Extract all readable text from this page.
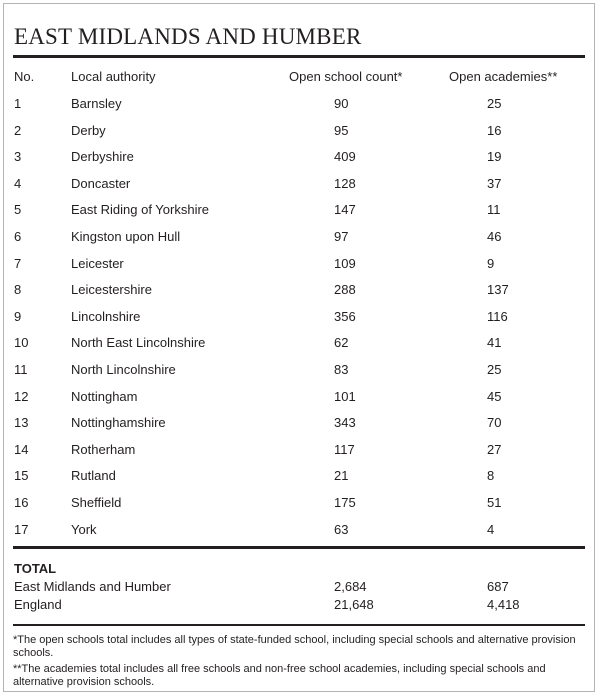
EAST MIDLANDS AND HUMBER
No.	Local authority	Open school count*	Open academies**
1	Barnsley	90	25
2	Derby	95	16
3	Derbyshire	409	19
4	Doncaster	128	37
5	East Riding of Yorkshire	147	11
6	Kingston upon Hull	97	46
7	Leicester	109	9
8	Leicestershire	288	137
9	Lincolnshire	356	116
10	North East Lincolnshire	62	41
11	North Lincolnshire	83	25
12	Nottingham	101	45
13	Nottinghamshire	343	70
14	Rotherham	117	27
15	Rutland	21	8
16	Sheffield	175	51
17	York	63	4
TOTAL
East Midlands and Humber	2,684	687
England	21,648	4,418
*The open schools total includes all types of state-funded school, including special schools and alternative provision schools.
**The academies total includes all free schools and non-free school academies, including special schools and alternative provision schools.
